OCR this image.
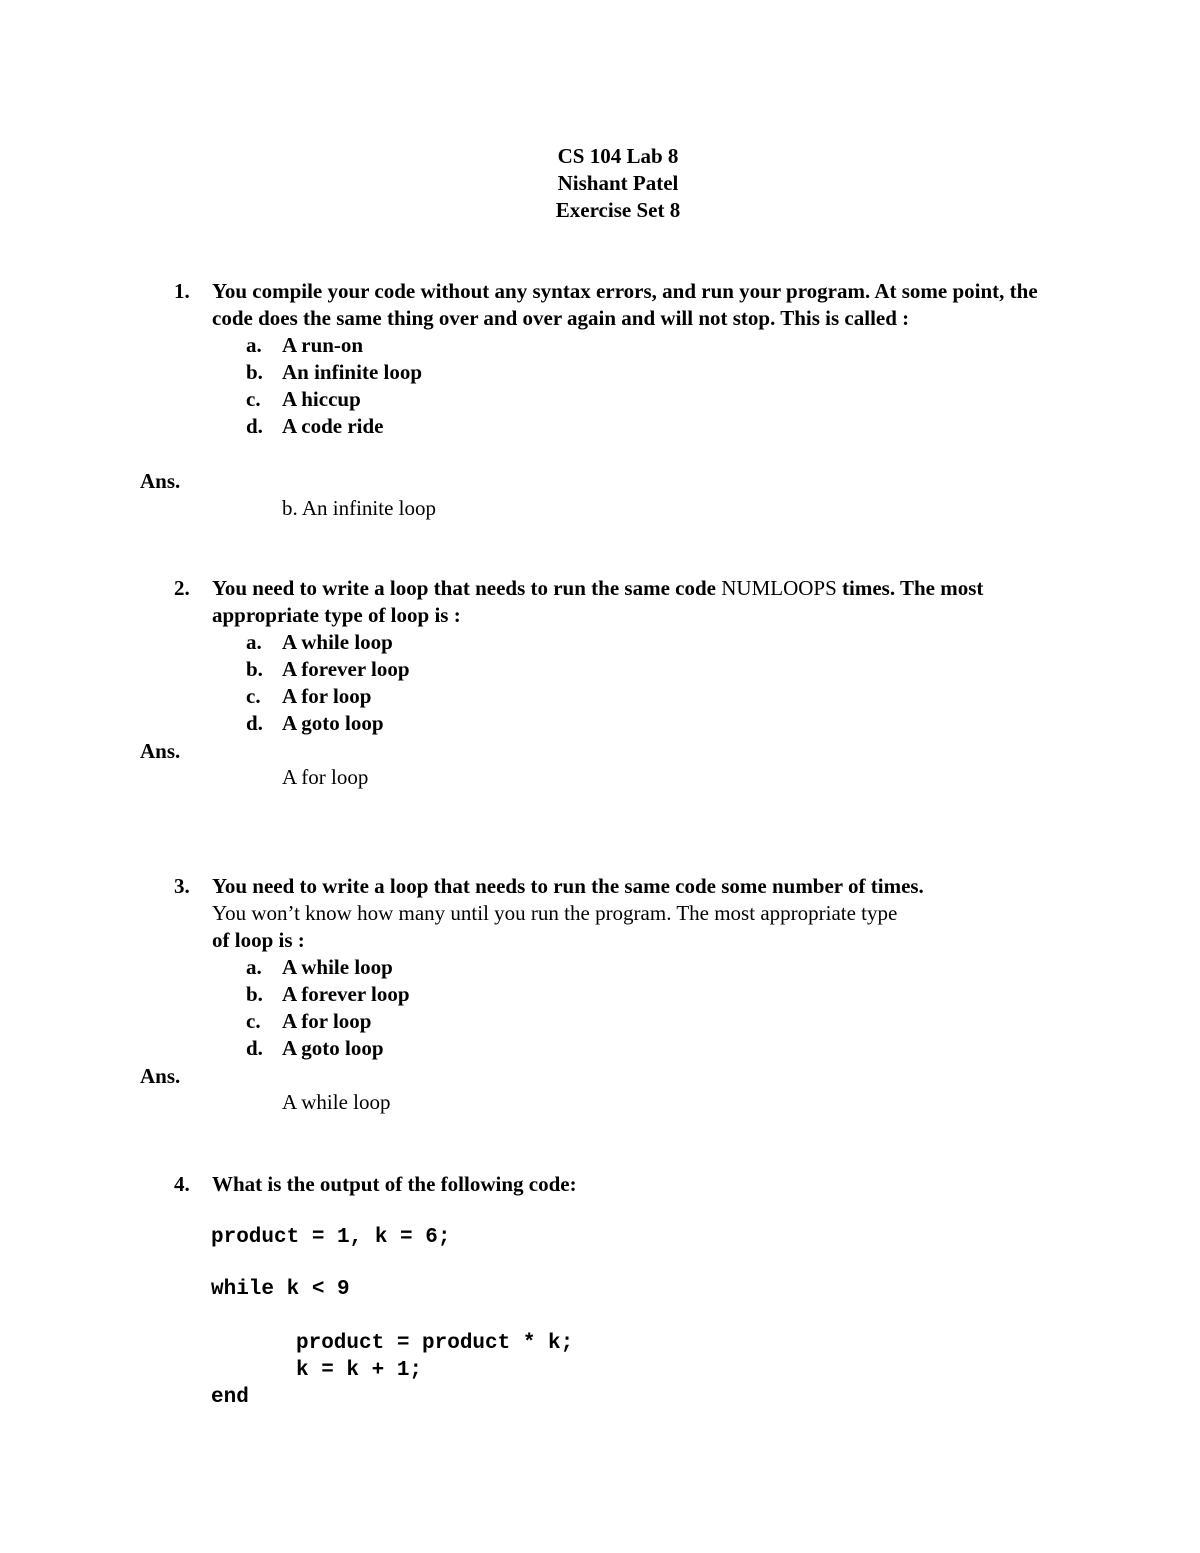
CS 104 Lab 8
Nishant Patel
Exercise Set 8
1. You compile your code without any syntax errors, and run your program. At some point, the code does the same thing over and over again and will not stop. This is called :
a. A run-on
b. An infinite loop
c.	A hiccup
d. A code ride
Ans.
b. An infinite loop
2. You need to write a loop that needs to run the same code NUMLOOPS times. The most appropriate type of loop is :
a. A while loop
b. A forever loop
c.	A for loop
d. A goto loop
Ans.
A for loop
3. You need to write a loop that needs to run the same code some number of times.
You won’t know how many until you run the program. The most appropriate type
of loop is :
a. A while loop
b. A forever loop
c.	A for loop
d. A goto loop
Ans.
A while loop
4. What is the output of the following code:
product = 1, k = 6;
while k < 9
product = product * k;
k = k + 1;
end
